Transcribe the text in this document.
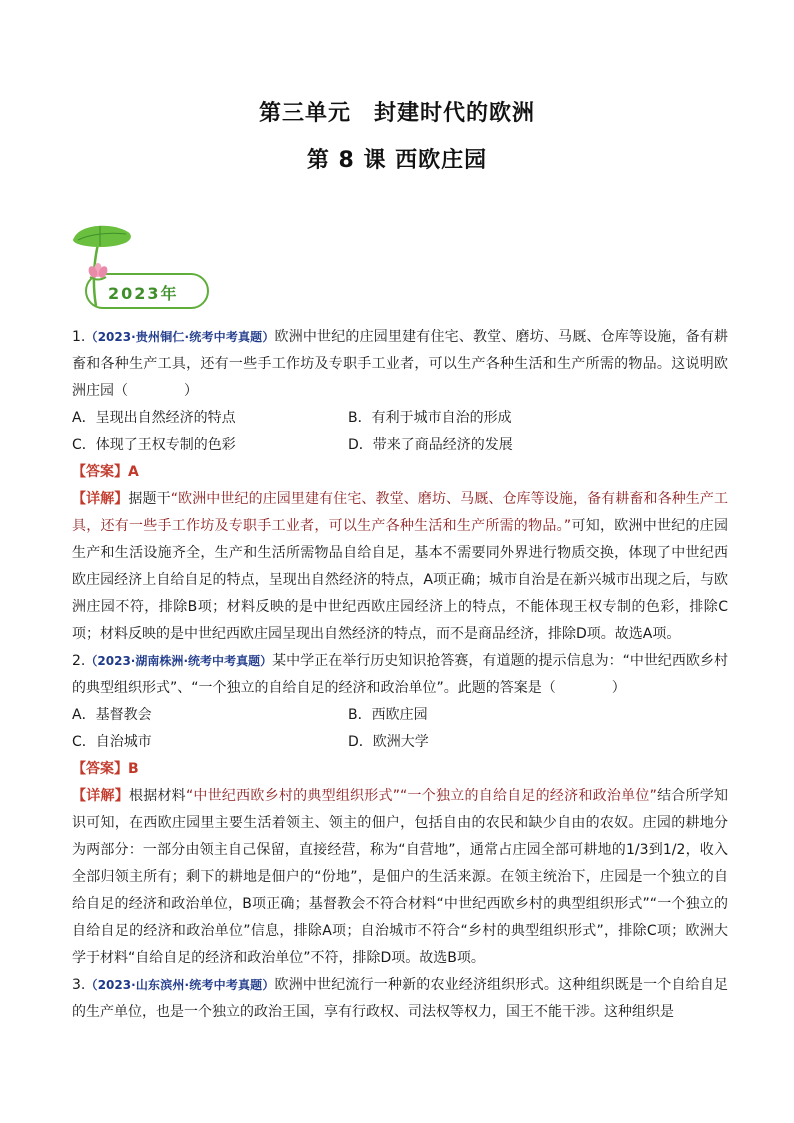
第三单元　封建时代的欧洲
第 8 课 西欧庄园
2023年

1.（2023·贵州铜仁·统考中考真题）欧洲中世纪的庄园里建有住宅、教堂、磨坊、马厩、仓库等设施，备有耕畜和各种生产工具，还有一些手工作坊及专职手工业者，可以生产各种生活和生产所需的物品。这说明欧洲庄园（　　　　）

A．呈现出自然经济的特点	B．有利于城市自治的形成
C．体现了王权专制的色彩	D．带来了商品经济的发展

【答案】A

【详解】据题干“欧洲中世纪的庄园里建有住宅、教堂、磨坊、马厩、仓库等设施，备有耕畜和各种生产工具，还有一些手工作坊及专职手工业者，可以生产各种生活和生产所需的物品。”可知，欧洲中世纪的庄园生产和生活设施齐全，生产和生活所需物品自给自足，基本不需要同外界进行物质交换，体现了中世纪西欧庄园经济上自给自足的特点，呈现出自然经济的特点，A项正确；城市自治是在新兴城市出现之后，与欧洲庄园不符，排除B项；材料反映的是中世纪西欧庄园经济上的特点，不能体现王权专制的色彩，排除C项；材料反映的是中世纪西欧庄园呈现出自然经济的特点，而不是商品经济，排除D项。故选A项。

2.（2023·湖南株洲·统考中考真题）某中学正在举行历史知识抢答赛，有道题的提示信息为：“中世纪西欧乡村的典型组织形式”、“一个独立的自给自足的经济和政治单位”。此题的答案是（　　　　）

A．基督教会	B．西欧庄园
C．自治城市	D．欧洲大学

【答案】B

【详解】根据材料“中世纪西欧乡村的典型组织形式”“一个独立的自给自足的经济和政治单位”结合所学知识可知，在西欧庄园里主要生活着领主、领主的佃户，包括自由的农民和缺少自由的农奴。庄园的耕地分为两部分：一部分由领主自己保留，直接经营，称为“自营地”，通常占庄园全部可耕地的1/3到1/2，收入全部归领主所有；剩下的耕地是佃户的“份地”，是佃户的生活来源。在领主统治下，庄园是一个独立的自给自足的经济和政治单位，B项正确；基督教会不符合材料“中世纪西欧乡村的典型组织形式”“一个独立的自给自足的经济和政治单位”信息，排除A项；自治城市不符合“乡村的典型组织形式”，排除C项；欧洲大学于材料“自给自足的经济和政治单位”不符，排除D项。故选B项。

3.（2023·山东滨州·统考中考真题）欧洲中世纪流行一种新的农业经济组织形式。这种组织既是一个自给自足的生产单位，也是一个独立的政治王国，享有行政权、司法权等权力，国王不能干涉。这种组织是
